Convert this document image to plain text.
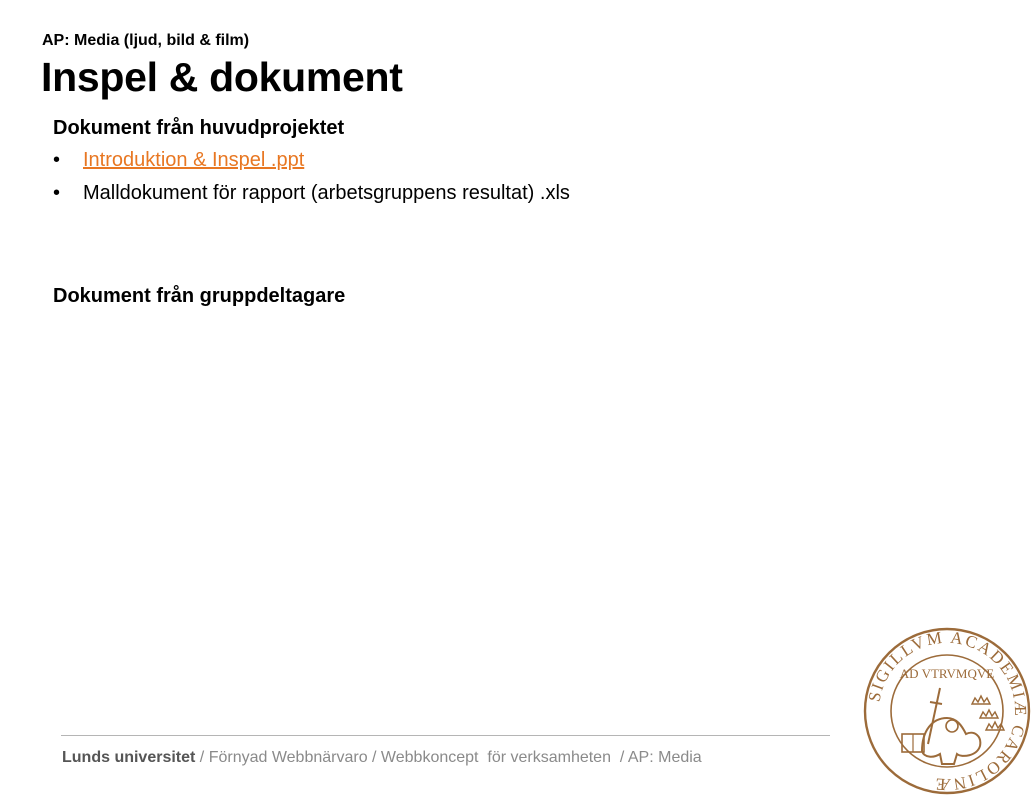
AP: Media (ljud, bild & film)
Inspel & dokument
Dokument från huvudprojektet
•	Introduktion & Inspel .ppt
•	Malldokument för rapport (arbetsgruppens resultat) .xls
Dokument från gruppdeltagare
Lunds universitet / Förnyad Webbnärvaro / Webbkoncept  för verksamheten  / AP: Media
SIGILLVM ACADEMIÆ CAROLINÆ
AD VTRVMQVE
